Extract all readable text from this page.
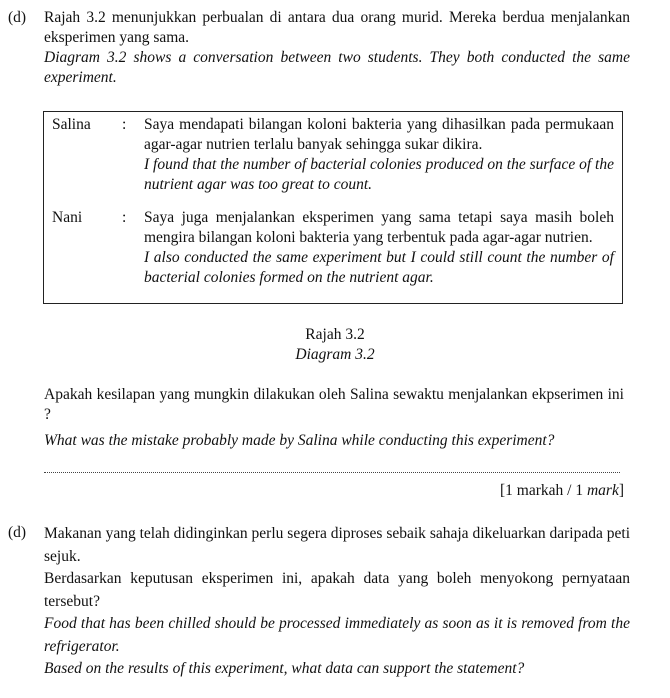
(d) Rajah 3.2 menunjukkan perbualan di antara dua orang murid. Mereka berdua menjalankan eksperimen yang sama.
Diagram 3.2 shows a conversation between two students. They both conducted the same experiment.
Salina : Saya mendapati bilangan koloni bakteria yang dihasilkan pada permukaan agar-agar nutrien terlalu banyak sehingga sukar dikira.
I found that the number of bacterial colonies produced on the surface of the nutrient agar was too great to count.
Nani	: Saya juga menjalankan eksperimen yang sama tetapi saya masih boleh mengira bilangan koloni bakteria yang terbentuk pada agar-agar nutrien.
I also conducted the same experiment but I could still count the number of bacterial colonies formed on the nutrient agar.
Rajah 3.2
Diagram 3.2
Apakah kesilapan yang mungkin dilakukan oleh Salina sewaktu menjalankan ekpserimen ini ?
What was the mistake probably made by Salina while conducting this experiment?
[1 markah / 1 mark]
(d) Makanan yang telah didinginkan perlu segera diproses sebaik sahaja dikeluarkan daripada peti sejuk.
Berdasarkan keputusan eksperimen ini, apakah data yang boleh menyokong pernyataan tersebut?
Food that has been chilled should be processed immediately as soon as it is removed from the refrigerator.
Based on the results of this experiment, what data can support the statement?
